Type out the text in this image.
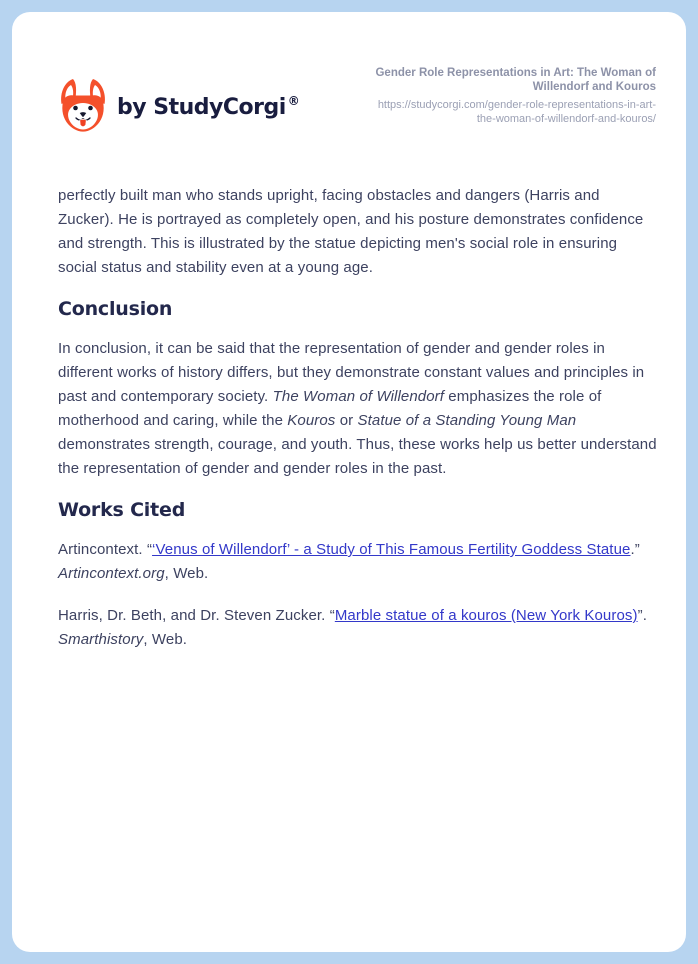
by StudyCorgi ®
Gender Role Representations in Art: The Woman of Willendorf and Kouros
https://studycorgi.com/gender-role-representations-in-art-
the-woman-of-willendorf-and-kouros/

perfectly built man who stands upright, facing obstacles and dangers (Harris and Zucker). He is portrayed as completely open, and his posture demonstrates confidence and strength. This is illustrated by the statue depicting men's social role in ensuring social status and stability even at a young age.

Conclusion

In conclusion, it can be said that the representation of gender and gender roles in different works of history differs, but they demonstrate constant values and principles in past and contemporary society. The Woman of Willendorf emphasizes the role of motherhood and caring, while the Kouros or Statue of a Standing Young Man demonstrates strength, courage, and youth. Thus, these works help us better understand the representation of gender and gender roles in the past.

Works Cited

Artincontext. “‘Venus of Willendorf’ - a Study of This Famous Fertility Goddess Statue.” Artincontext.org, Web.

Harris, Dr. Beth, and Dr. Steven Zucker. “Marble statue of a kouros (New York Kouros)”. Smarthistory, Web.
